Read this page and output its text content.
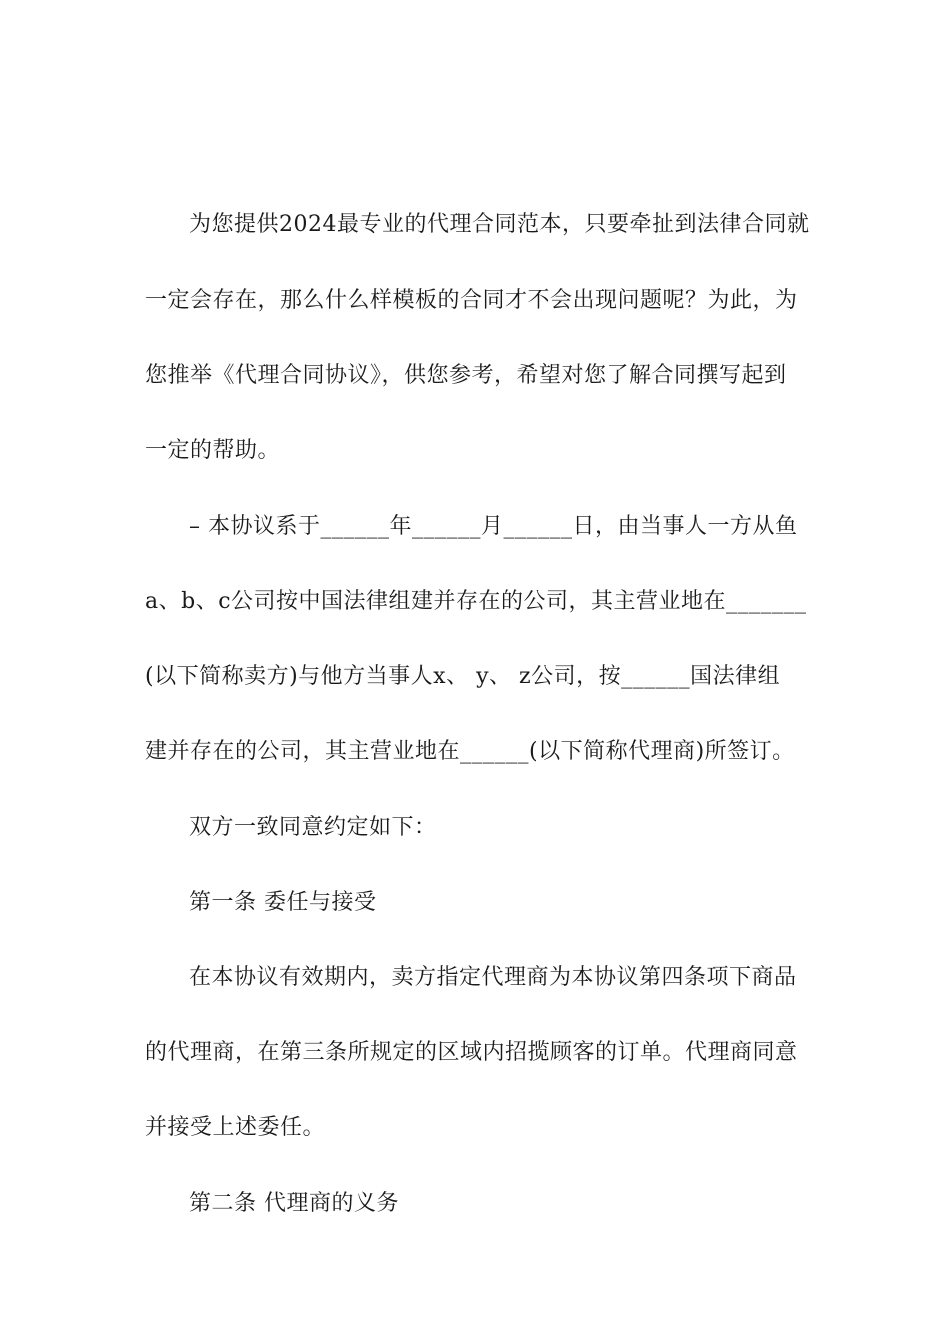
为您提供2024最专业的代理合同范本，只要牵扯到法律合同就
一定会存在，那么什么样模板的合同才不会出现问题呢？为此，为
您推举《代理合同协议》，供您参考，希望对您了解合同撰写起到
一定的帮助。
– 本协议系于______年______月______日，由当事人一方从鱼
a、b、c公司按中国法律组建并存在的公司，其主营业地在_______
(以下简称卖方)与他方当事人x、 y、 z公司，按______国法律组
建并存在的公司，其主营业地在______(以下简称代理商)所签订。
双方一致同意约定如下：
第一条 委任与接受
在本协议有效期内，卖方指定代理商为本协议第四条项下商品
的代理商，在第三条所规定的区域内招揽顾客的订单。代理商同意
并接受上述委任。
第二条 代理商的义务
